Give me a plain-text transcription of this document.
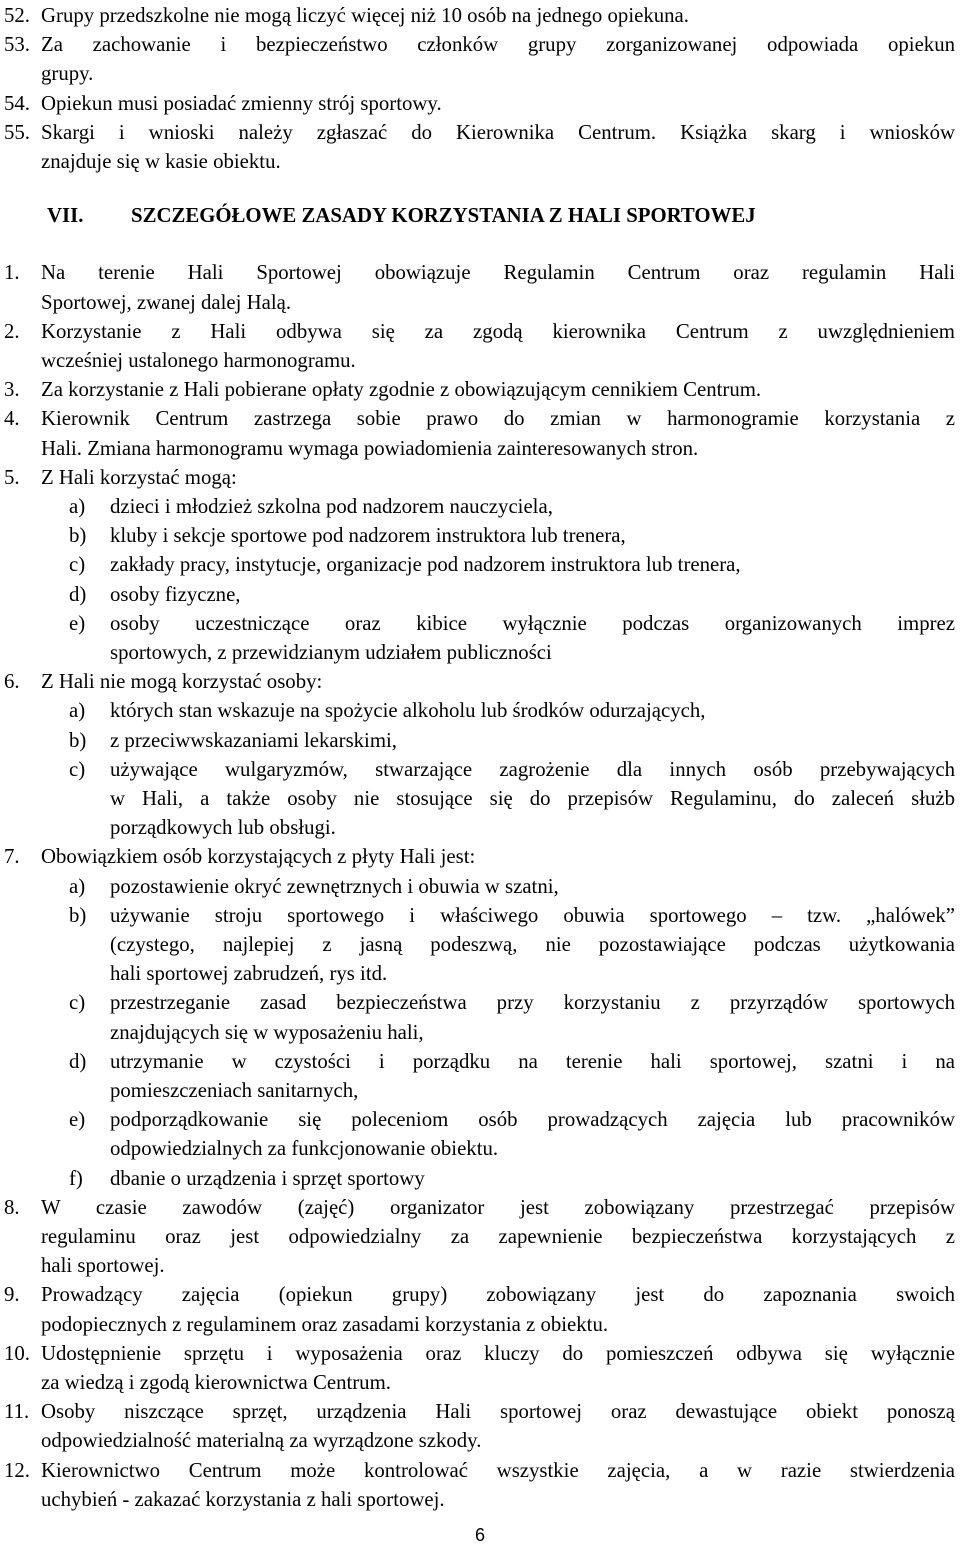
52. Grupy przedszkolne nie mogą liczyć więcej niż 10 osób na jednego opiekuna.
53. Za zachowanie i bezpieczeństwo członków grupy zorganizowanej odpowiada opiekun
grupy.
54. Opiekun musi posiadać zmienny strój sportowy.
55. Skargi i wnioski należy zgłaszać do Kierownika Centrum. Książka skarg i wniosków
znajduje się w kasie obiektu.
VII. SZCZEGÓŁOWE ZASADY KORZYSTANIA Z HALI SPORTOWEJ
1. Na terenie Hali Sportowej obowiązuje Regulamin Centrum oraz regulamin Hali
Sportowej, zwanej dalej Halą.
2. Korzystanie z Hali odbywa się za zgodą kierownika Centrum z uwzględnieniem
wcześniej ustalonego harmonogramu.
3. Za korzystanie z Hali pobierane opłaty zgodnie z obowiązującym cennikiem Centrum.
4. Kierownik Centrum zastrzega sobie prawo do zmian w harmonogramie korzystania z
Hali. Zmiana harmonogramu wymaga powiadomienia zainteresowanych stron.
5. Z Hali korzystać mogą:
a) dzieci i młodzież szkolna pod nadzorem nauczyciela,
b) kluby i sekcje sportowe pod nadzorem instruktora lub trenera,
c) zakłady pracy, instytucje, organizacje pod nadzorem instruktora lub trenera,
d) osoby fizyczne,
e) osoby uczestniczące oraz kibice wyłącznie podczas organizowanych imprez
sportowych, z przewidzianym udziałem publiczności
6. Z Hali nie mogą korzystać osoby:
a) których stan wskazuje na spożycie alkoholu lub środków odurzających,
b) z przeciwwskazaniami lekarskimi,
c) używające wulgaryzmów, stwarzające zagrożenie dla innych osób przebywających
w Hali, a także osoby nie stosujące się do przepisów Regulaminu, do zaleceń służb
porządkowych lub obsługi.
7. Obowiązkiem osób korzystających z płyty Hali jest:
a) pozostawienie okryć zewnętrznych i obuwia w szatni,
b) używanie stroju sportowego i właściwego obuwia sportowego – tzw. „halówek”
(czystego, najlepiej z jasną podeszwą, nie pozostawiające podczas użytkowania
hali sportowej zabrudzeń, rys itd.
c) przestrzeganie zasad bezpieczeństwa przy korzystaniu z przyrządów sportowych
znajdujących się w wyposażeniu hali,
d) utrzymanie w czystości i porządku na terenie hali sportowej, szatni i na
pomieszczeniach sanitarnych,
e) podporządkowanie się poleceniom osób prowadzących zajęcia lub pracowników
odpowiedzialnych za funkcjonowanie obiektu.
f) dbanie o urządzenia i sprzęt sportowy
8. W czasie zawodów (zajęć) organizator jest zobowiązany przestrzegać przepisów
regulaminu oraz jest odpowiedzialny za zapewnienie bezpieczeństwa korzystających z
hali sportowej.
9. Prowadzący zajęcia (opiekun grupy) zobowiązany jest do zapoznania swoich
podopiecznych z regulaminem oraz zasadami korzystania z obiektu.
10. Udostępnienie sprzętu i wyposażenia oraz kluczy do pomieszczeń odbywa się wyłącznie
za wiedzą i zgodą kierownictwa Centrum.
11. Osoby niszczące sprzęt, urządzenia Hali sportowej oraz dewastujące obiekt ponoszą
odpowiedzialność materialną za wyrządzone szkody.
12. Kierownictwo Centrum może kontrolować wszystkie zajęcia, a w razie stwierdzenia
uchybień - zakazać korzystania z hali sportowej.
6
